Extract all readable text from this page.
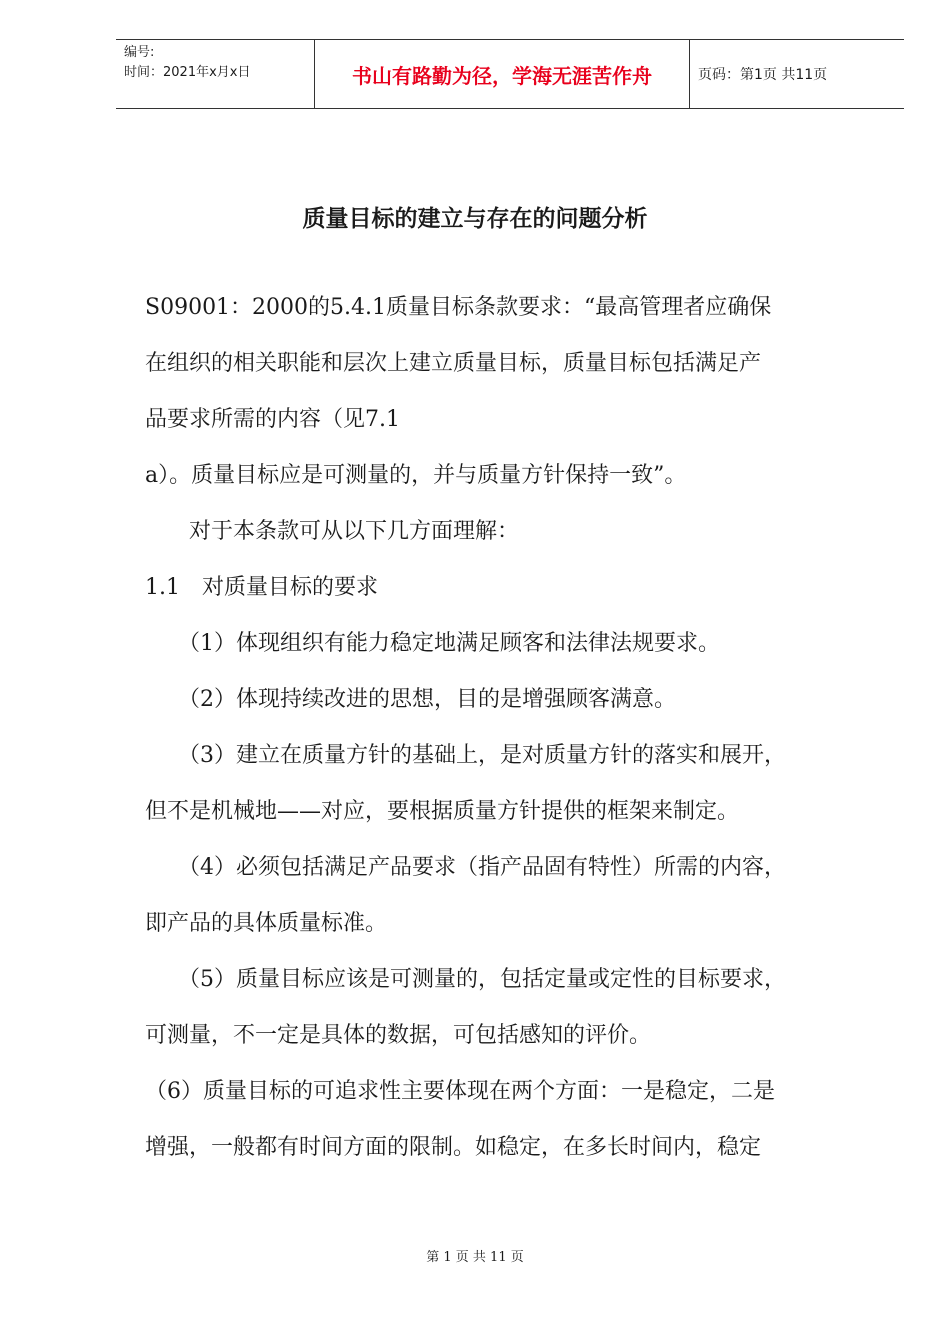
编号:
时间：2021年x月x日	书山有路勤为径，学海无涯苦作舟	页码：第1页 共11页
质量目标的建立与存在的问题分析
S09001：2000的5.4.1质量目标条款要求：“最高管理者应确保
在组织的相关职能和层次上建立质量目标，质量目标包括满足产
品要求所需的内容（见7.1
a）。质量目标应是可测量的，并与质量方针保持一致”。
　　对于本条款可从以下几方面理解：
1.1　对质量目标的要求
　　（1）体现组织有能力稳定地满足顾客和法律法规要求。
　　（2）体现持续改进的思想，目的是增强顾客满意。
　　（3）建立在质量方针的基础上，是对质量方针的落实和展开，
但不是机械地——对应，要根据质量方针提供的框架来制定。
　　（4）必须包括满足产品要求（指产品固有特性）所需的内容，
即产品的具体质量标准。
　　（5）质量目标应该是可测量的，包括定量或定性的目标要求，
可测量，不一定是具体的数据，可包括感知的评价。
（6）质量目标的可追求性主要体现在两个方面：一是稳定，二是
增强，一般都有时间方面的限制。如稳定，在多长时间内，稳定
第 1 页 共 11 页
